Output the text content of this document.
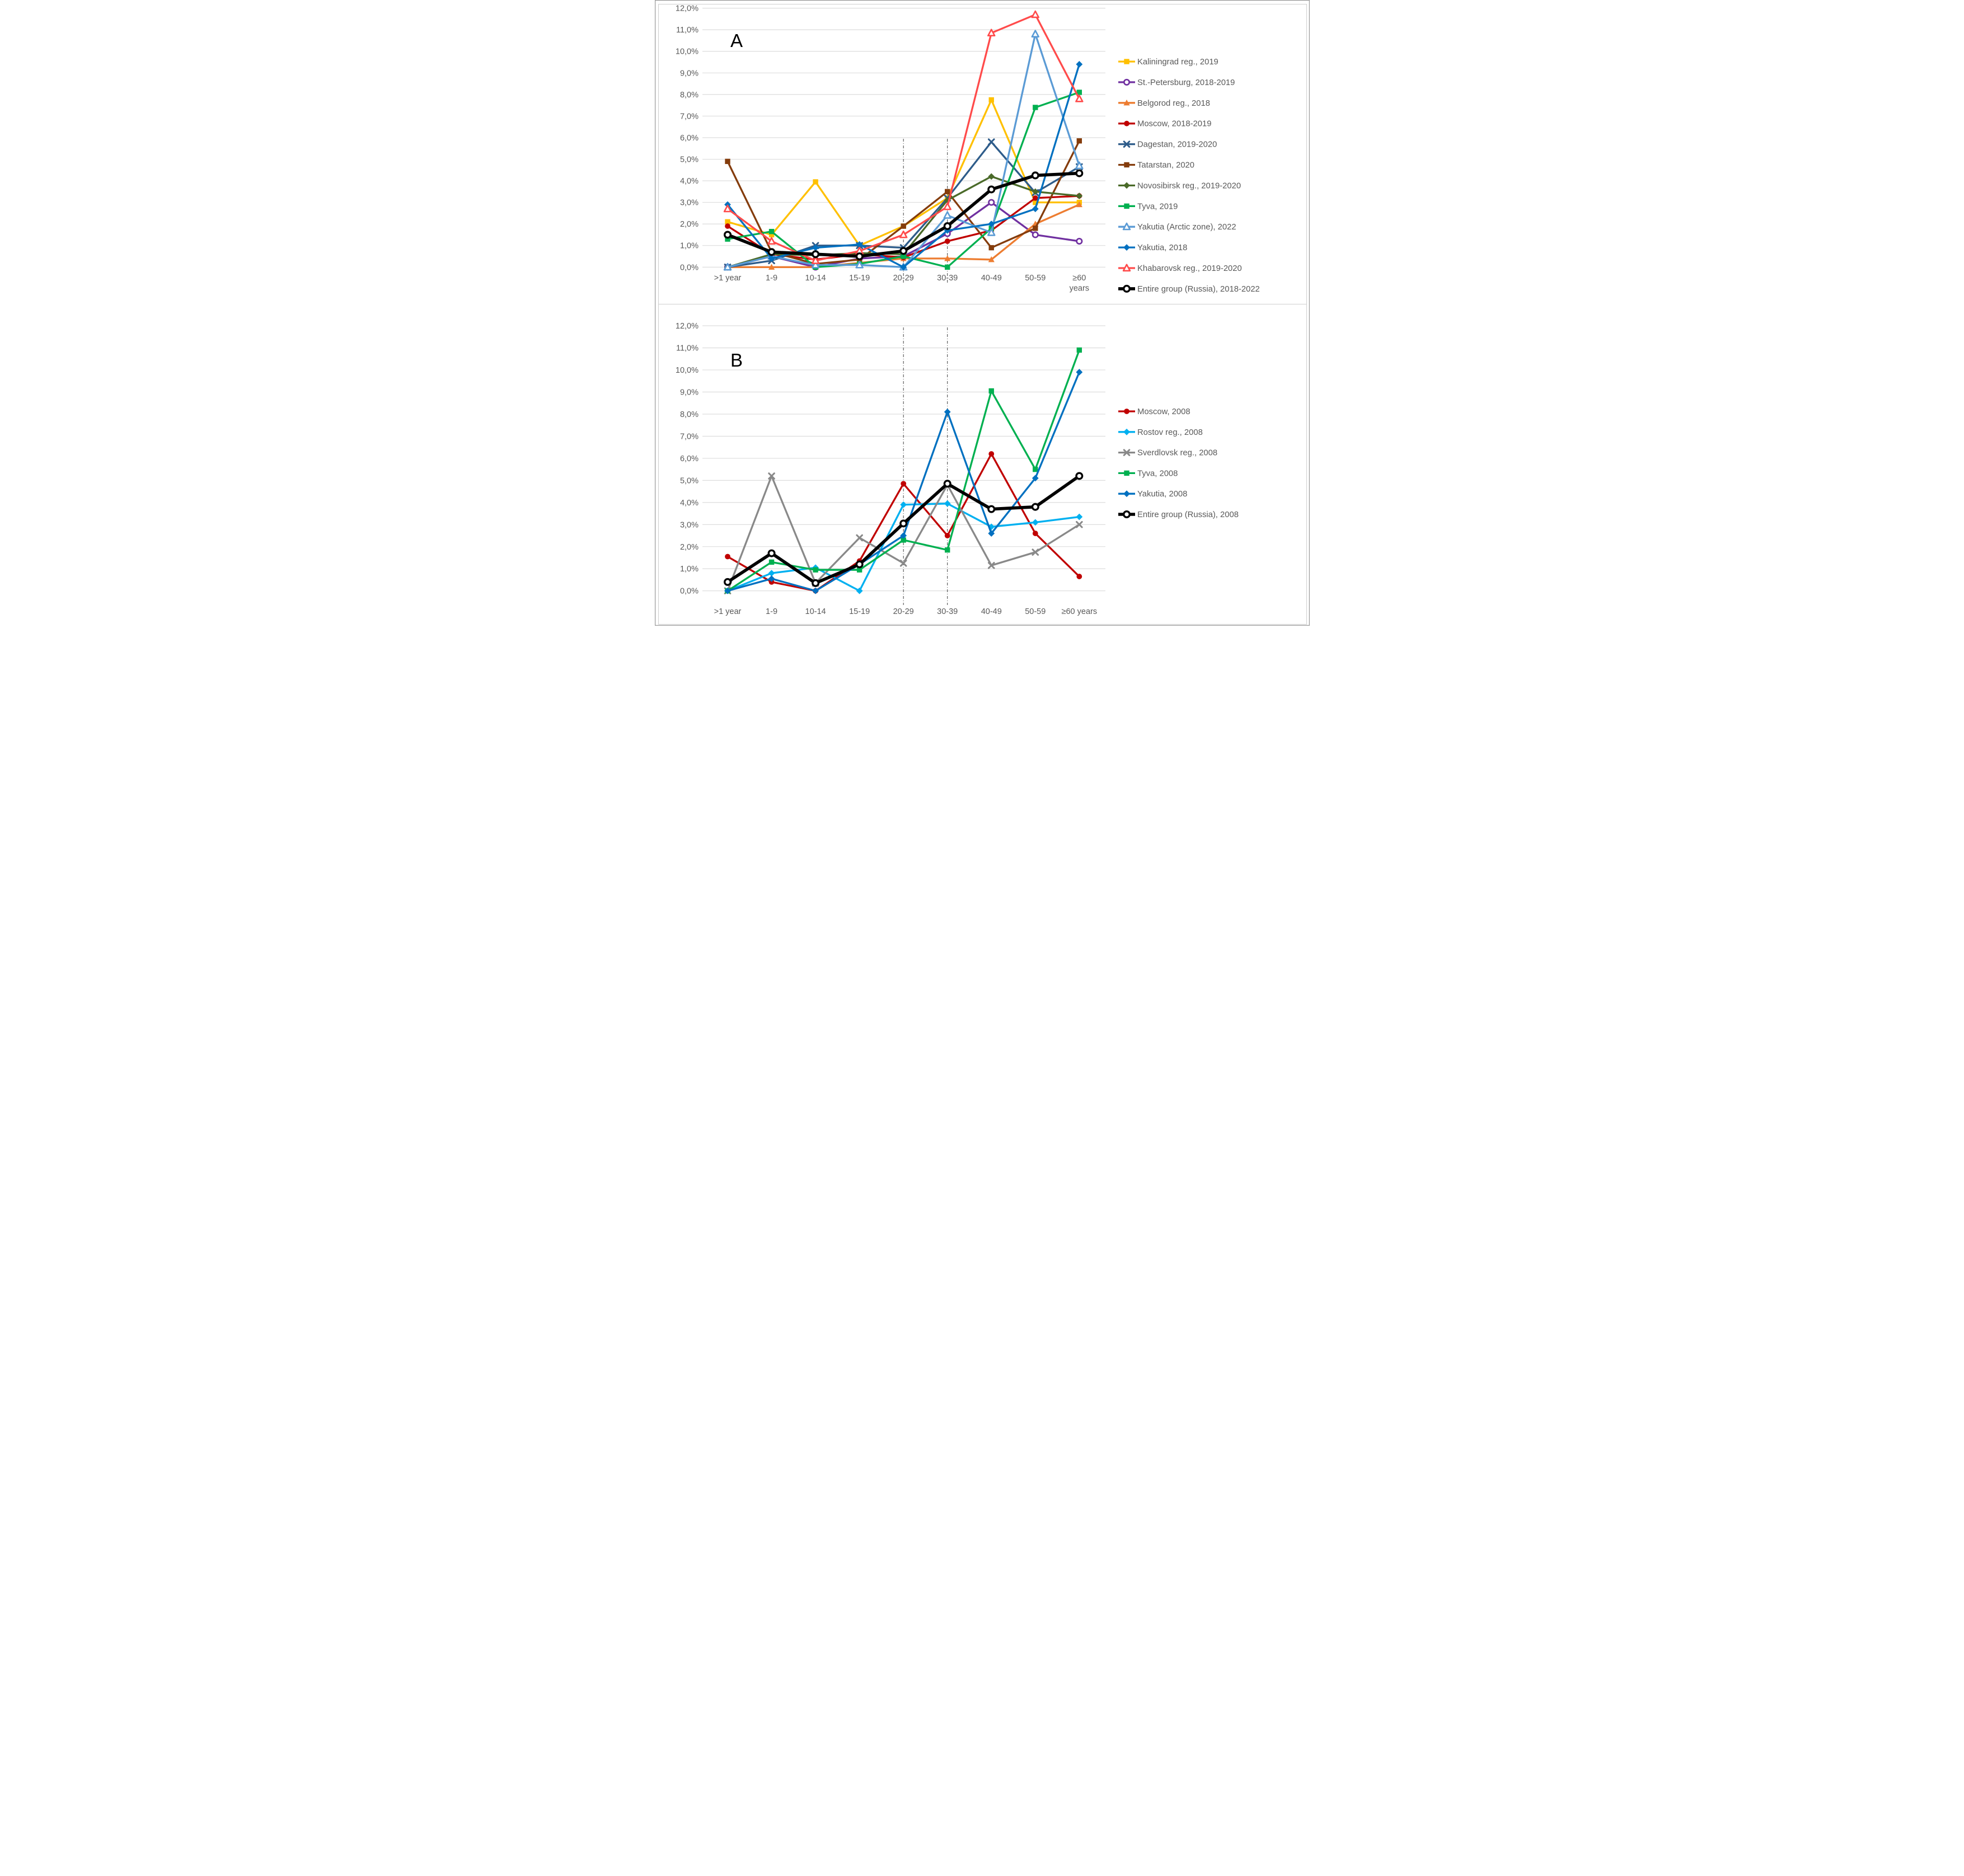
0,0%
1,0%
2,0%
3,0%
4,0%
5,0%
6,0%
7,0%
8,0%
9,0%
10,0%
11,0%
12,0%
>1 year	1-9	10-14	15-19	20-29	30-39	40-49	50-59	≥60
years
Kaliningrad reg., 2019
St.-Petersburg, 2018-2019
Belgorod reg., 2018
Moscow, 2018-2019
Dagestan, 2019-2020
Tatarstan, 2020
Novosibirsk reg., 2019-2020
Tyva, 2019
Yakutia (Arctic zone), 2022
Yakutia, 2018
Khabarovsk reg., 2019-2020
Entire group (Russia), 2018-2022
A
0,0%
1,0%
2,0%
3,0%
4,0%
5,0%
6,0%
7,0%
8,0%
9,0%
10,0%
11,0%
12,0%
>1 year	1-9	10-14	15-19	20-29	30-39	40-49	50-59 ≥60 years
Moscow, 2008
Rostov reg., 2008
Sverdlovsk reg., 2008
Tyva, 2008
Yakutia, 2008
Entire group (Russia), 2008
B
